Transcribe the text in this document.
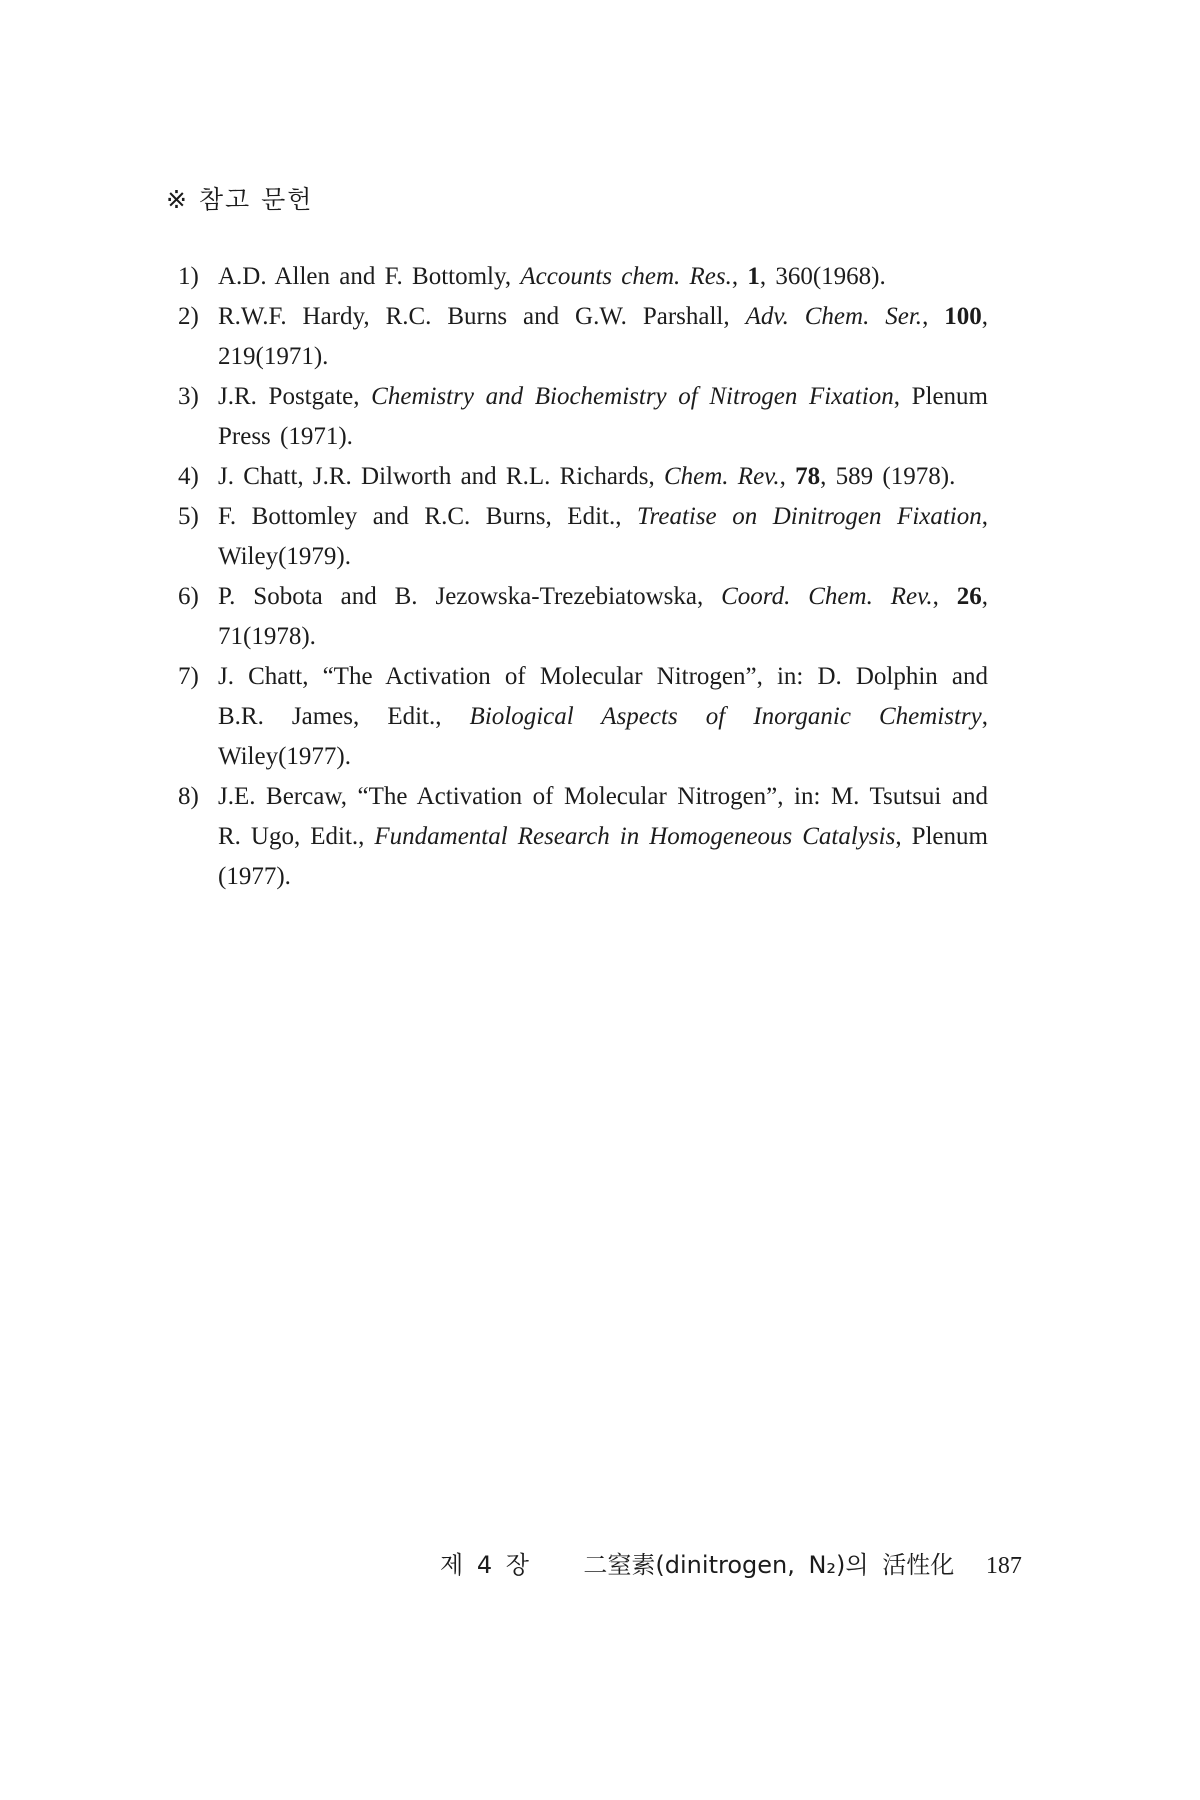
※ 참고 문헌
1) A.D. Allen and F. Bottomly, Accounts chem. Res., 1, 360(1968).
2) R.W.F. Hardy, R.C. Burns and G.W. Parshall, Adv. Chem. Ser., 100, 219(1971).
3) J.R. Postgate, Chemistry and Biochemistry of Nitrogen Fixation, Plenum Press (1971).
4) J. Chatt, J.R. Dilworth and R.L. Richards, Chem. Rev., 78, 589 (1978).
5) F. Bottomley and R.C. Burns, Edit., Treatise on Dinitrogen Fixation, Wiley(1979).
6) P. Sobota and B. Jezowska-Trezebiatowska, Coord. Chem. Rev., 26, 71(1978).
7) J. Chatt, “The Activation of Molecular Nitrogen”, in: D. Dolphin and B.R. James, Edit., Biological Aspects of Inorganic Chemistry, Wiley(1977).
8) J.E. Bercaw, “The Activation of Molecular Nitrogen”, in: M. Tsutsui and R. Ugo, Edit., Fundamental Research in Homogeneous Catalysis, Plenum (1977).
제 4 장 二窒素(dinitrogen, N₂)의 活性化 187
